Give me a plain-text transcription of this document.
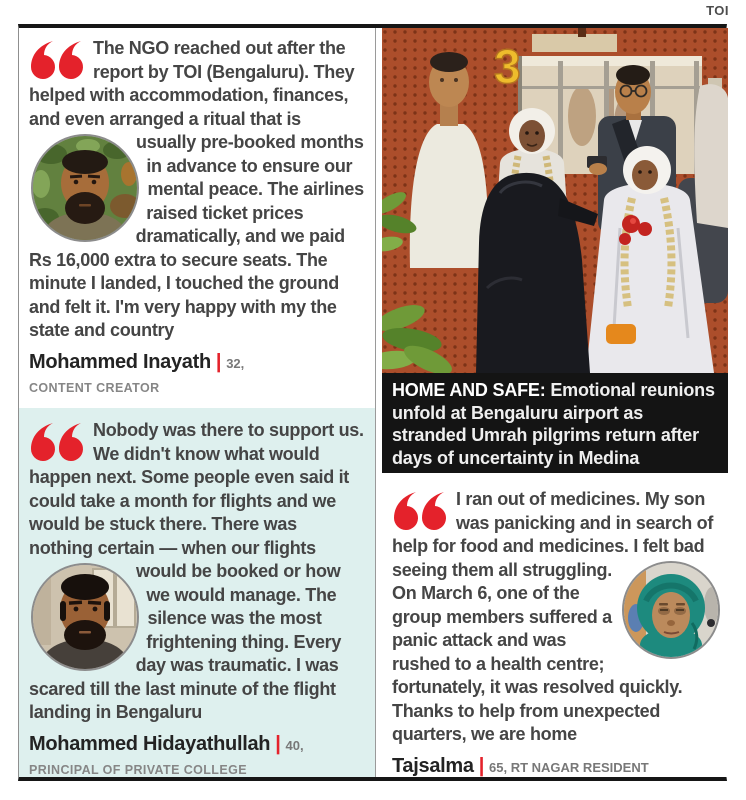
TOI

The NGO reached out after the report by TOI (Bengaluru). They helped with accommodation, finances, and even arranged a ritual that is

usually pre-booked months in advance to ensure our mental peace. The airlines raised ticket prices dramatically, and we paid Rs 16,000 extra to secure seats. The minute I landed, I touched the ground and felt it. I'm very happy with my the state and country

Mohammed Inayath | 32,
CONTENT CREATOR

Nobody was there to support us. We didn't know what would happen next. Some people even said it could take a month for flights and we would be stuck there. There was nothing certain — when our flights

would be booked or how we would manage. The silence was the most frightening thing. Every day was traumatic. I was scared till the last minute of the flight landing in Bengaluru

Mohammed Hidayathullah | 40,
PRINCIPAL OF PRIVATE COLLEGE
3
HOME AND SAFE: Emotional reunions unfold at Bengaluru airport as stranded Umrah pilgrims return after days of uncertainty in Medina

I ran out of medicines. My son was panicking and in search of help for food and medicines. I felt bad

seeing them all struggling. On March 6, one of the group members suffered a panic attack and was rushed to a health centre; fortunately, it was resolved quickly. Thanks to help from unexpected quarters, we are home

Tajsalma | 65, RT NAGAR RESIDENT
